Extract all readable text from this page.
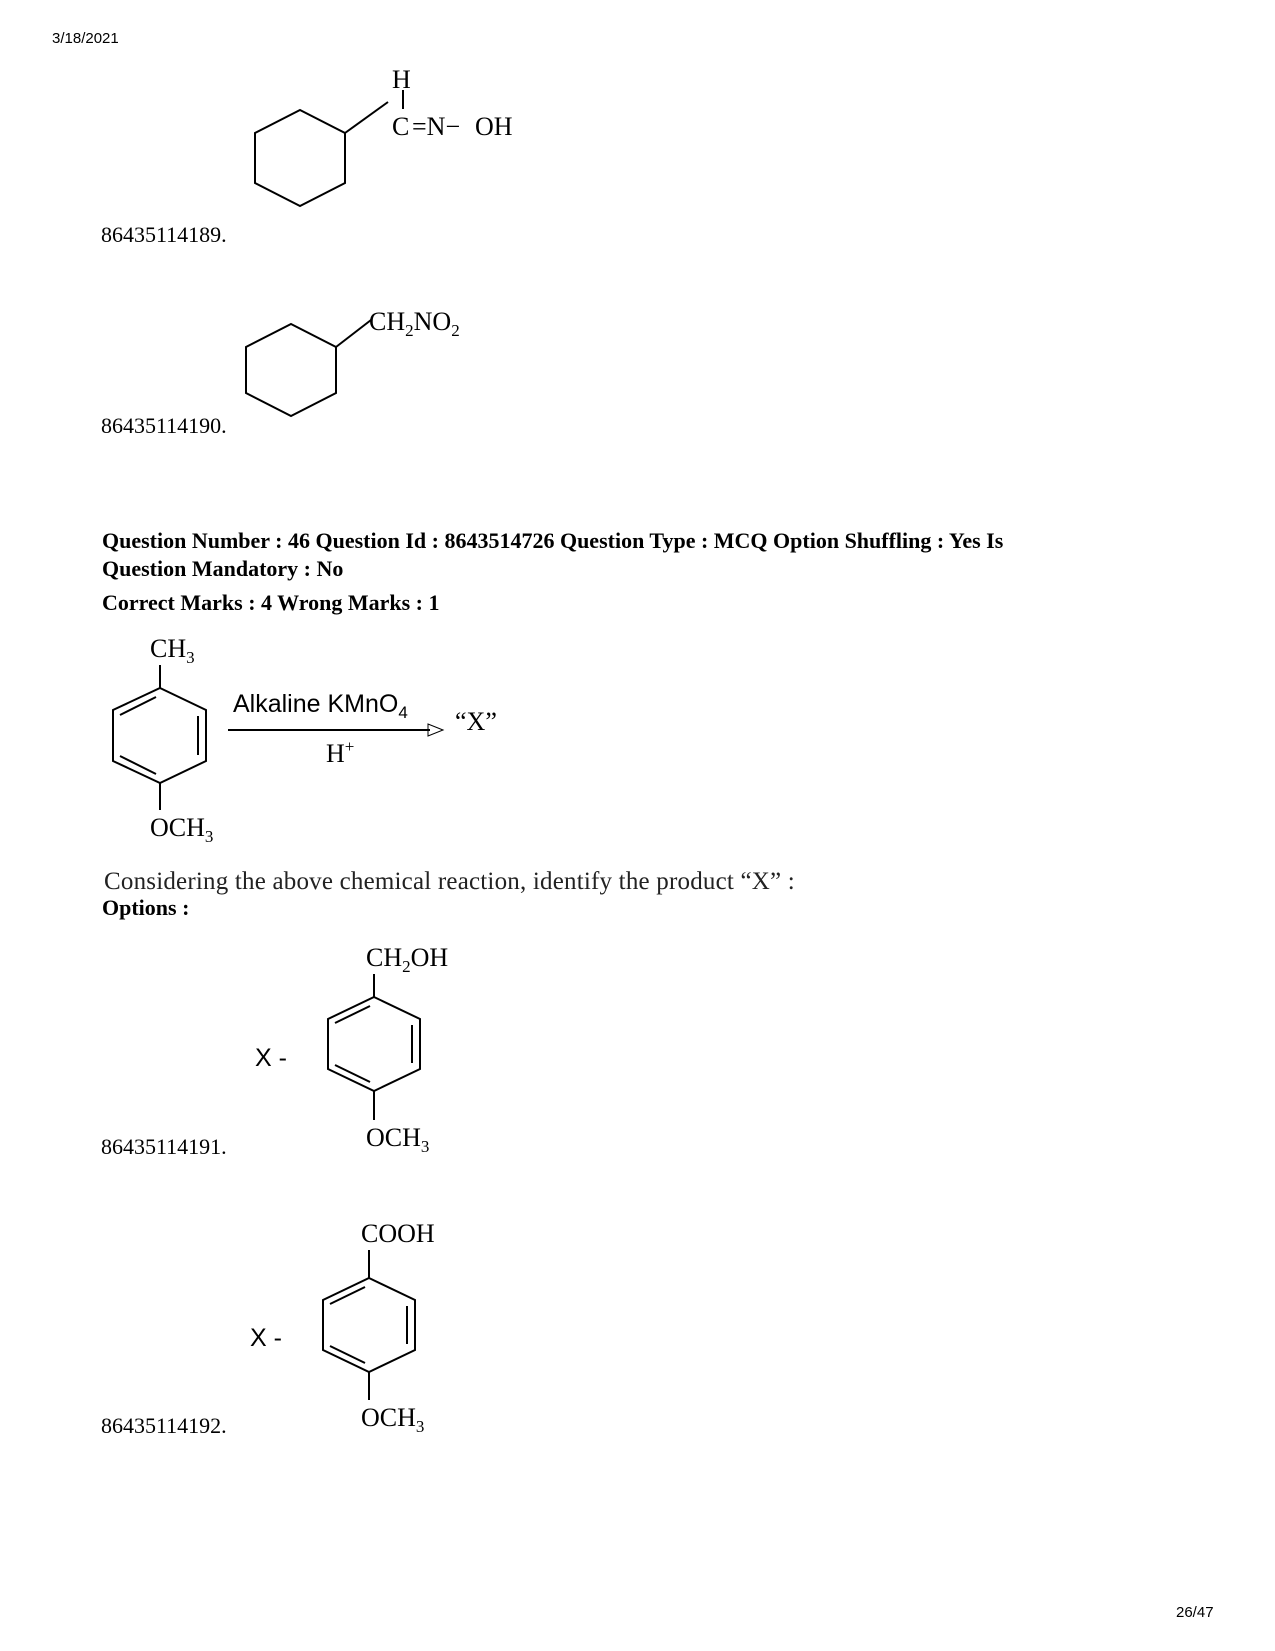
3/18/2021
26/47
H
C =N− OH
86435114189.
$CH_2NO_2$
86435114190.
Question Number : 46 Question Id : 8643514726 Question Type : MCQ Option Shuffling : Yes Is
Question Mandatory : No
Correct Marks : 4 Wrong Marks : 1
$CH_3$
$OCH_3$
Alkaline KMnO$_4$ “X”
H+
Considering the above chemical reaction, identify the product “X” :
Options :
X -
$CH_2OH$
$OCH_3$
86435114191.
X -
COOH
$OCH_3$
86435114192.
